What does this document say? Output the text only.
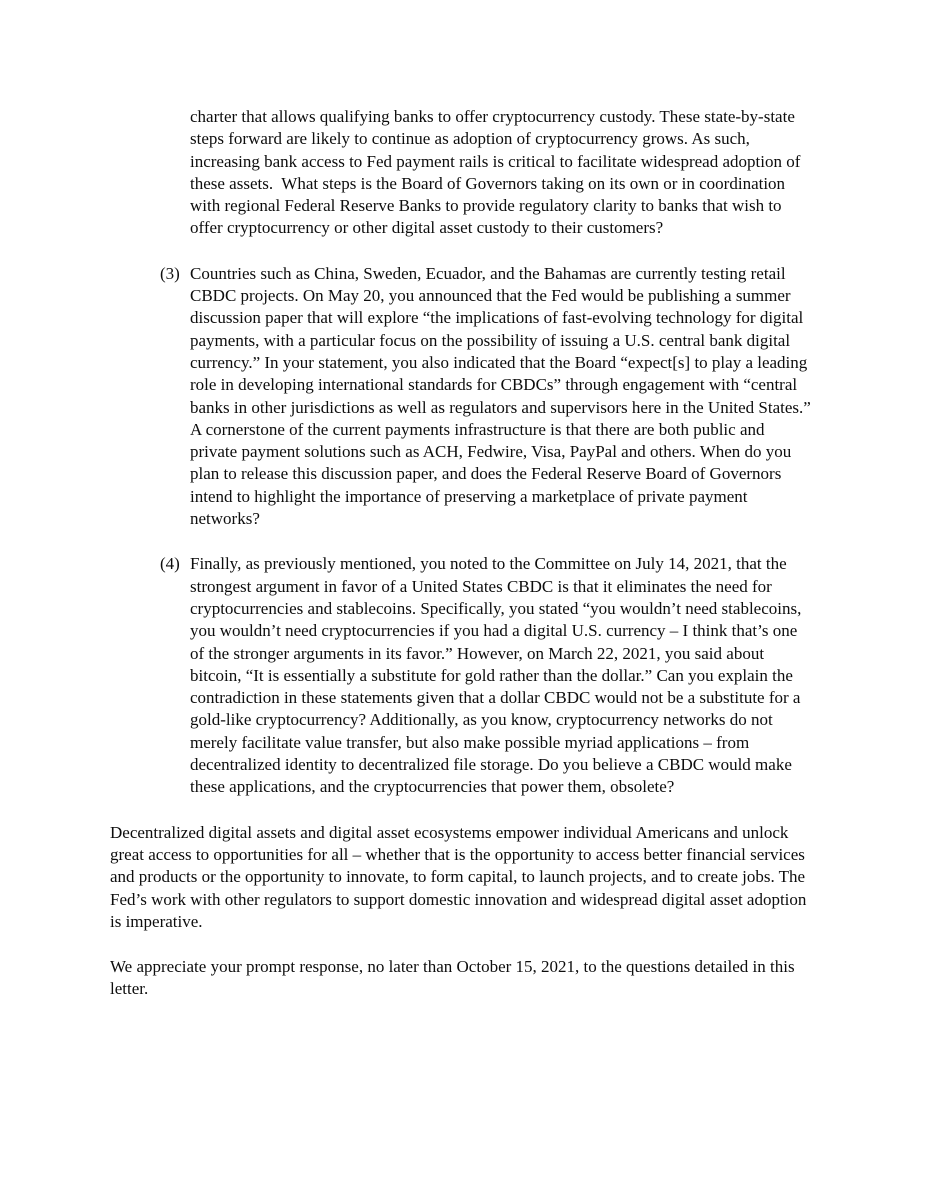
charter that allows qualifying banks to offer cryptocurrency custody. These state-by-state steps forward are likely to continue as adoption of cryptocurrency grows. As such, increasing bank access to Fed payment rails is critical to facilitate widespread adoption of these assets.  What steps is the Board of Governors taking on its own or in coordination with regional Federal Reserve Banks to provide regulatory clarity to banks that wish to offer cryptocurrency or other digital asset custody to their customers?

(3) Countries such as China, Sweden, Ecuador, and the Bahamas are currently testing retail CBDC projects. On May 20, you announced that the Fed would be publishing a summer discussion paper that will explore “the implications of fast-evolving technology for digital payments, with a particular focus on the possibility of issuing a U.S. central bank digital currency.” In your statement, you also indicated that the Board “expect[s] to play a leading role in developing international standards for CBDCs” through engagement with “central banks in other jurisdictions as well as regulators and supervisors here in the United States.” A cornerstone of the current payments infrastructure is that there are both public and private payment solutions such as ACH, Fedwire, Visa, PayPal and others. When do you plan to release this discussion paper, and does the Federal Reserve Board of Governors intend to highlight the importance of preserving a marketplace of private payment networks?

(4) Finally, as previously mentioned, you noted to the Committee on July 14, 2021, that the strongest argument in favor of a United States CBDC is that it eliminates the need for cryptocurrencies and stablecoins. Specifically, you stated “you wouldn’t need stablecoins, you wouldn’t need cryptocurrencies if you had a digital U.S. currency – I think that’s one of the stronger arguments in its favor.” However, on March 22, 2021, you said about bitcoin, “It is essentially a substitute for gold rather than the dollar.” Can you explain the contradiction in these statements given that a dollar CBDC would not be a substitute for a gold-like cryptocurrency? Additionally, as you know, cryptocurrency networks do not merely facilitate value transfer, but also make possible myriad applications – from decentralized identity to decentralized file storage. Do you believe a CBDC would make these applications, and the cryptocurrencies that power them, obsolete?

Decentralized digital assets and digital asset ecosystems empower individual Americans and unlock great access to opportunities for all – whether that is the opportunity to access better financial services and products or the opportunity to innovate, to form capital, to launch projects, and to create jobs. The Fed’s work with other regulators to support domestic innovation and widespread digital asset adoption is imperative.

We appreciate your prompt response, no later than October 15, 2021, to the questions detailed in this letter.
